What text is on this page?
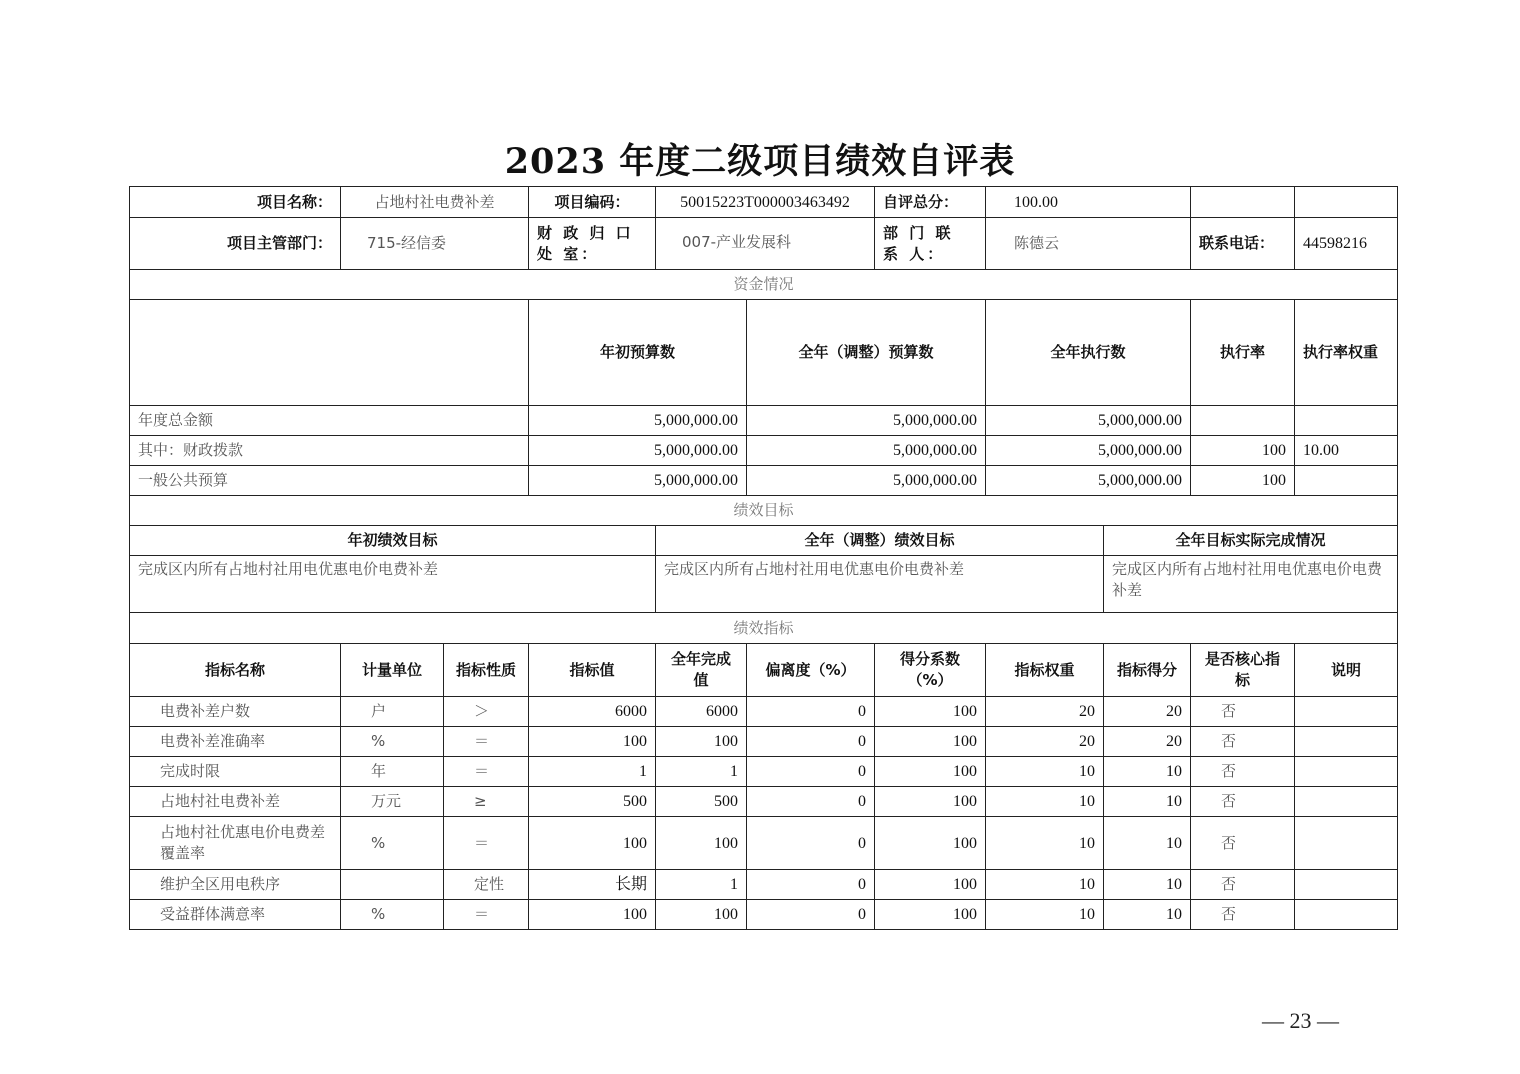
2023 年度二级项目绩效自评表
项目名称：	占地村社电费补差		项目编码：	50015223T000003463492		自评总分：	100.00				
项目主管部门：	715-经信委		财 政 归 口 处 室：	007-产业发展科		部 门 联 系 人：	陈德云		联系电话：	44598216	
资金情况											
			年初预算数		全年（调整）预算数		全年执行数		执行率	执行率权重	
年度总金额			5,000,000.00		5,000,000.00		5,000,000.00				
其中：财政拨款			5,000,000.00		5,000,000.00		5,000,000.00		100	10.00	
一般公共预算			5,000,000.00		5,000,000.00		5,000,000.00		100		
绩效目标											
年初绩效目标				全年（调整）绩效目标				全年目标实际完成情况			
完成区内所有占地村社用电优惠电价电费补差				完成区内所有占地村社用电优惠电价电费补差				完成区内所有占地村社用电优惠电价电费补差			
绩效指标											
指标名称	计量单位	指标性质	指标值	全年完成值	偏离度（%）	得分系数（%）	指标权重	指标得分	是否核心指标	说明	
电费补差户数	户	＞	6000	6000	0	100	20	20	否		
电费补差准确率	%	＝	100	100	0	100	20	20	否		
完成时限	年	＝	1	1	0	100	10	10	否		
占地村社电费补差	万元	≥	500	500	0	100	10	10	否		
占地村社优惠电价电费差覆盖率	%	＝	100	100	0	100	10	10	否		
维护全区用电秩序		定性	长期	1	0	100	10	10	否		
受益群体满意率	%	＝	100	100	0	100	10	10	否		
— 23 —
